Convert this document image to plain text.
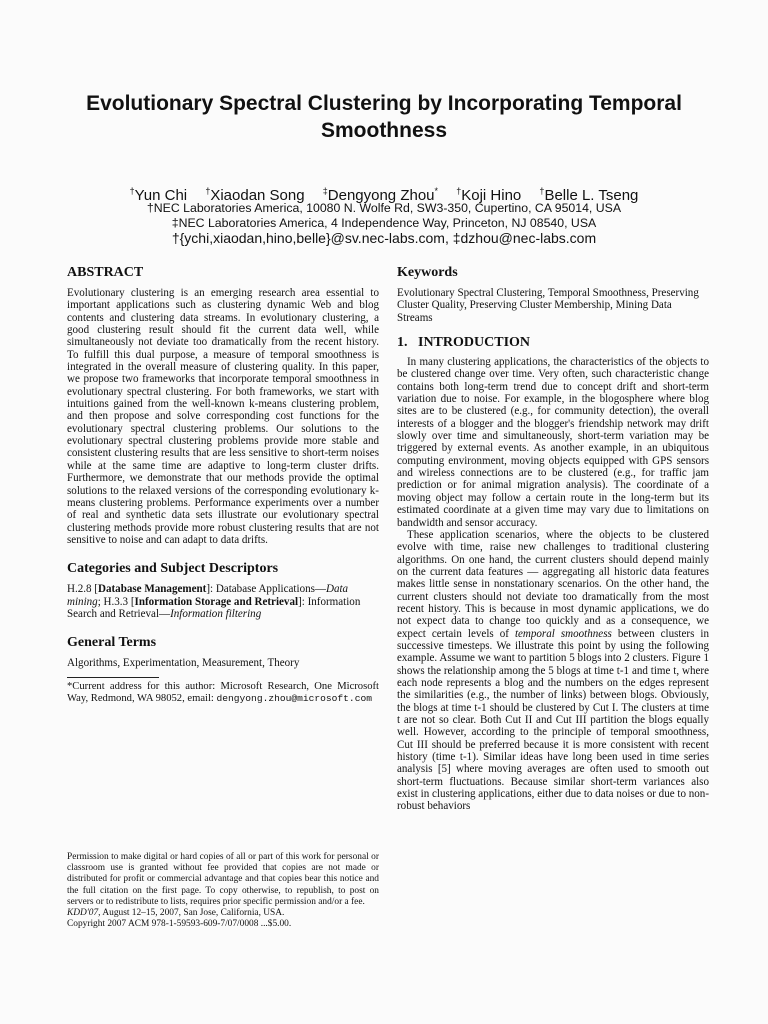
Evolutionary Spectral Clustering by Incorporating Temporal Smoothness
†Yun Chi †Xiaodan Song ‡Dengyong Zhou* †Koji Hino †Belle L. Tseng
†NEC Laboratories America, 10080 N. Wolfe Rd, SW3-350, Cupertino, CA 95014, USA
‡NEC Laboratories America, 4 Independence Way, Princeton, NJ 08540, USA
†{ychi,xiaodan,hino,belle}@sv.nec-labs.com, ‡dzhou@nec-labs.com
ABSTRACT

Evolutionary clustering is an emerging research area essential to important applications such as clustering dynamic Web and blog contents and clustering data streams. In evolutionary clustering, a good clustering result should fit the current data well, while simultaneously not deviate too dramatically from the recent history. To fulfill this dual purpose, a measure of temporal smoothness is integrated in the overall measure of clustering quality. In this paper, we propose two frameworks that incorporate temporal smoothness in evolutionary spectral clustering. For both frameworks, we start with intuitions gained from the well-known k-means clustering problem, and then propose and solve corresponding cost functions for the evolutionary spectral clustering problems. Our solutions to the evolutionary spectral clustering problems provide more stable and consistent clustering results that are less sensitive to short-term noises while at the same time are adaptive to long-term cluster drifts. Furthermore, we demonstrate that our methods provide the optimal solutions to the relaxed versions of the corresponding evolutionary k-means clustering problems. Performance experiments over a number of real and synthetic data sets illustrate our evolutionary spectral clustering methods provide more robust clustering results that are not sensitive to noise and can adapt to data drifts.

Categories and Subject Descriptors

H.2.8 [Database Management]: Database Applications—Data mining; H.3.3 [Information Storage and Retrieval]: Information Search and Retrieval—Information filtering

General Terms

Algorithms, Experimentation, Measurement, Theory

*Current address for this author: Microsoft Research, One Microsoft Way, Redmond, WA 98052, email: dengyong.zhou@microsoft.com

Permission to make digital or hard copies of all or part of this work for personal or classroom use is granted without fee provided that copies are not made or distributed for profit or commercial advantage and that copies bear this notice and the full citation on the first page. To copy otherwise, to republish, to post on servers or to redistribute to lists, requires prior specific permission and/or a fee.

KDD'07, August 12–15, 2007, San Jose, California, USA.

Copyright 2007 ACM 978-1-59593-609-7/07/0008 ...$5.00.

Keywords

Evolutionary Spectral Clustering, Temporal Smoothness, Preserving Cluster Quality, Preserving Cluster Membership, Mining Data Streams

1.   INTRODUCTION

In many clustering applications, the characteristics of the objects to be clustered change over time. Very often, such characteristic change contains both long-term trend due to concept drift and short-term variation due to noise. For example, in the blogosphere where blog sites are to be clustered (e.g., for community detection), the overall interests of a blogger and the blogger's friendship network may drift slowly over time and simultaneously, short-term variation may be triggered by external events. As another example, in an ubiquitous computing environment, moving objects equipped with GPS sensors and wireless connections are to be clustered (e.g., for traffic jam prediction or for animal migration analysis). The coordinate of a moving object may follow a certain route in the long-term but its estimated coordinate at a given time may vary due to limitations on bandwidth and sensor accuracy.

These application scenarios, where the objects to be clustered evolve with time, raise new challenges to traditional clustering algorithms. On one hand, the current clusters should depend mainly on the current data features — aggregating all historic data features makes little sense in nonstationary scenarios. On the other hand, the current clusters should not deviate too dramatically from the most recent history. This is because in most dynamic applications, we do not expect data to change too quickly and as a consequence, we expect certain levels of temporal smoothness between clusters in successive timesteps. We illustrate this point by using the following example. Assume we want to partition 5 blogs into 2 clusters. Figure 1 shows the relationship among the 5 blogs at time t-1 and time t, where each node represents a blog and the numbers on the edges represent the similarities (e.g., the number of links) between blogs. Obviously, the blogs at time t-1 should be clustered by Cut I. The clusters at time t are not so clear. Both Cut II and Cut III partition the blogs equally well. However, according to the principle of temporal smoothness, Cut III should be preferred because it is more consistent with recent history (time t-1). Similar ideas have long been used in time series analysis [5] where moving averages are often used to smooth out short-term fluctuations. Because similar short-term variances also exist in clustering applications, either due to data noises or due to non-robust behaviors
